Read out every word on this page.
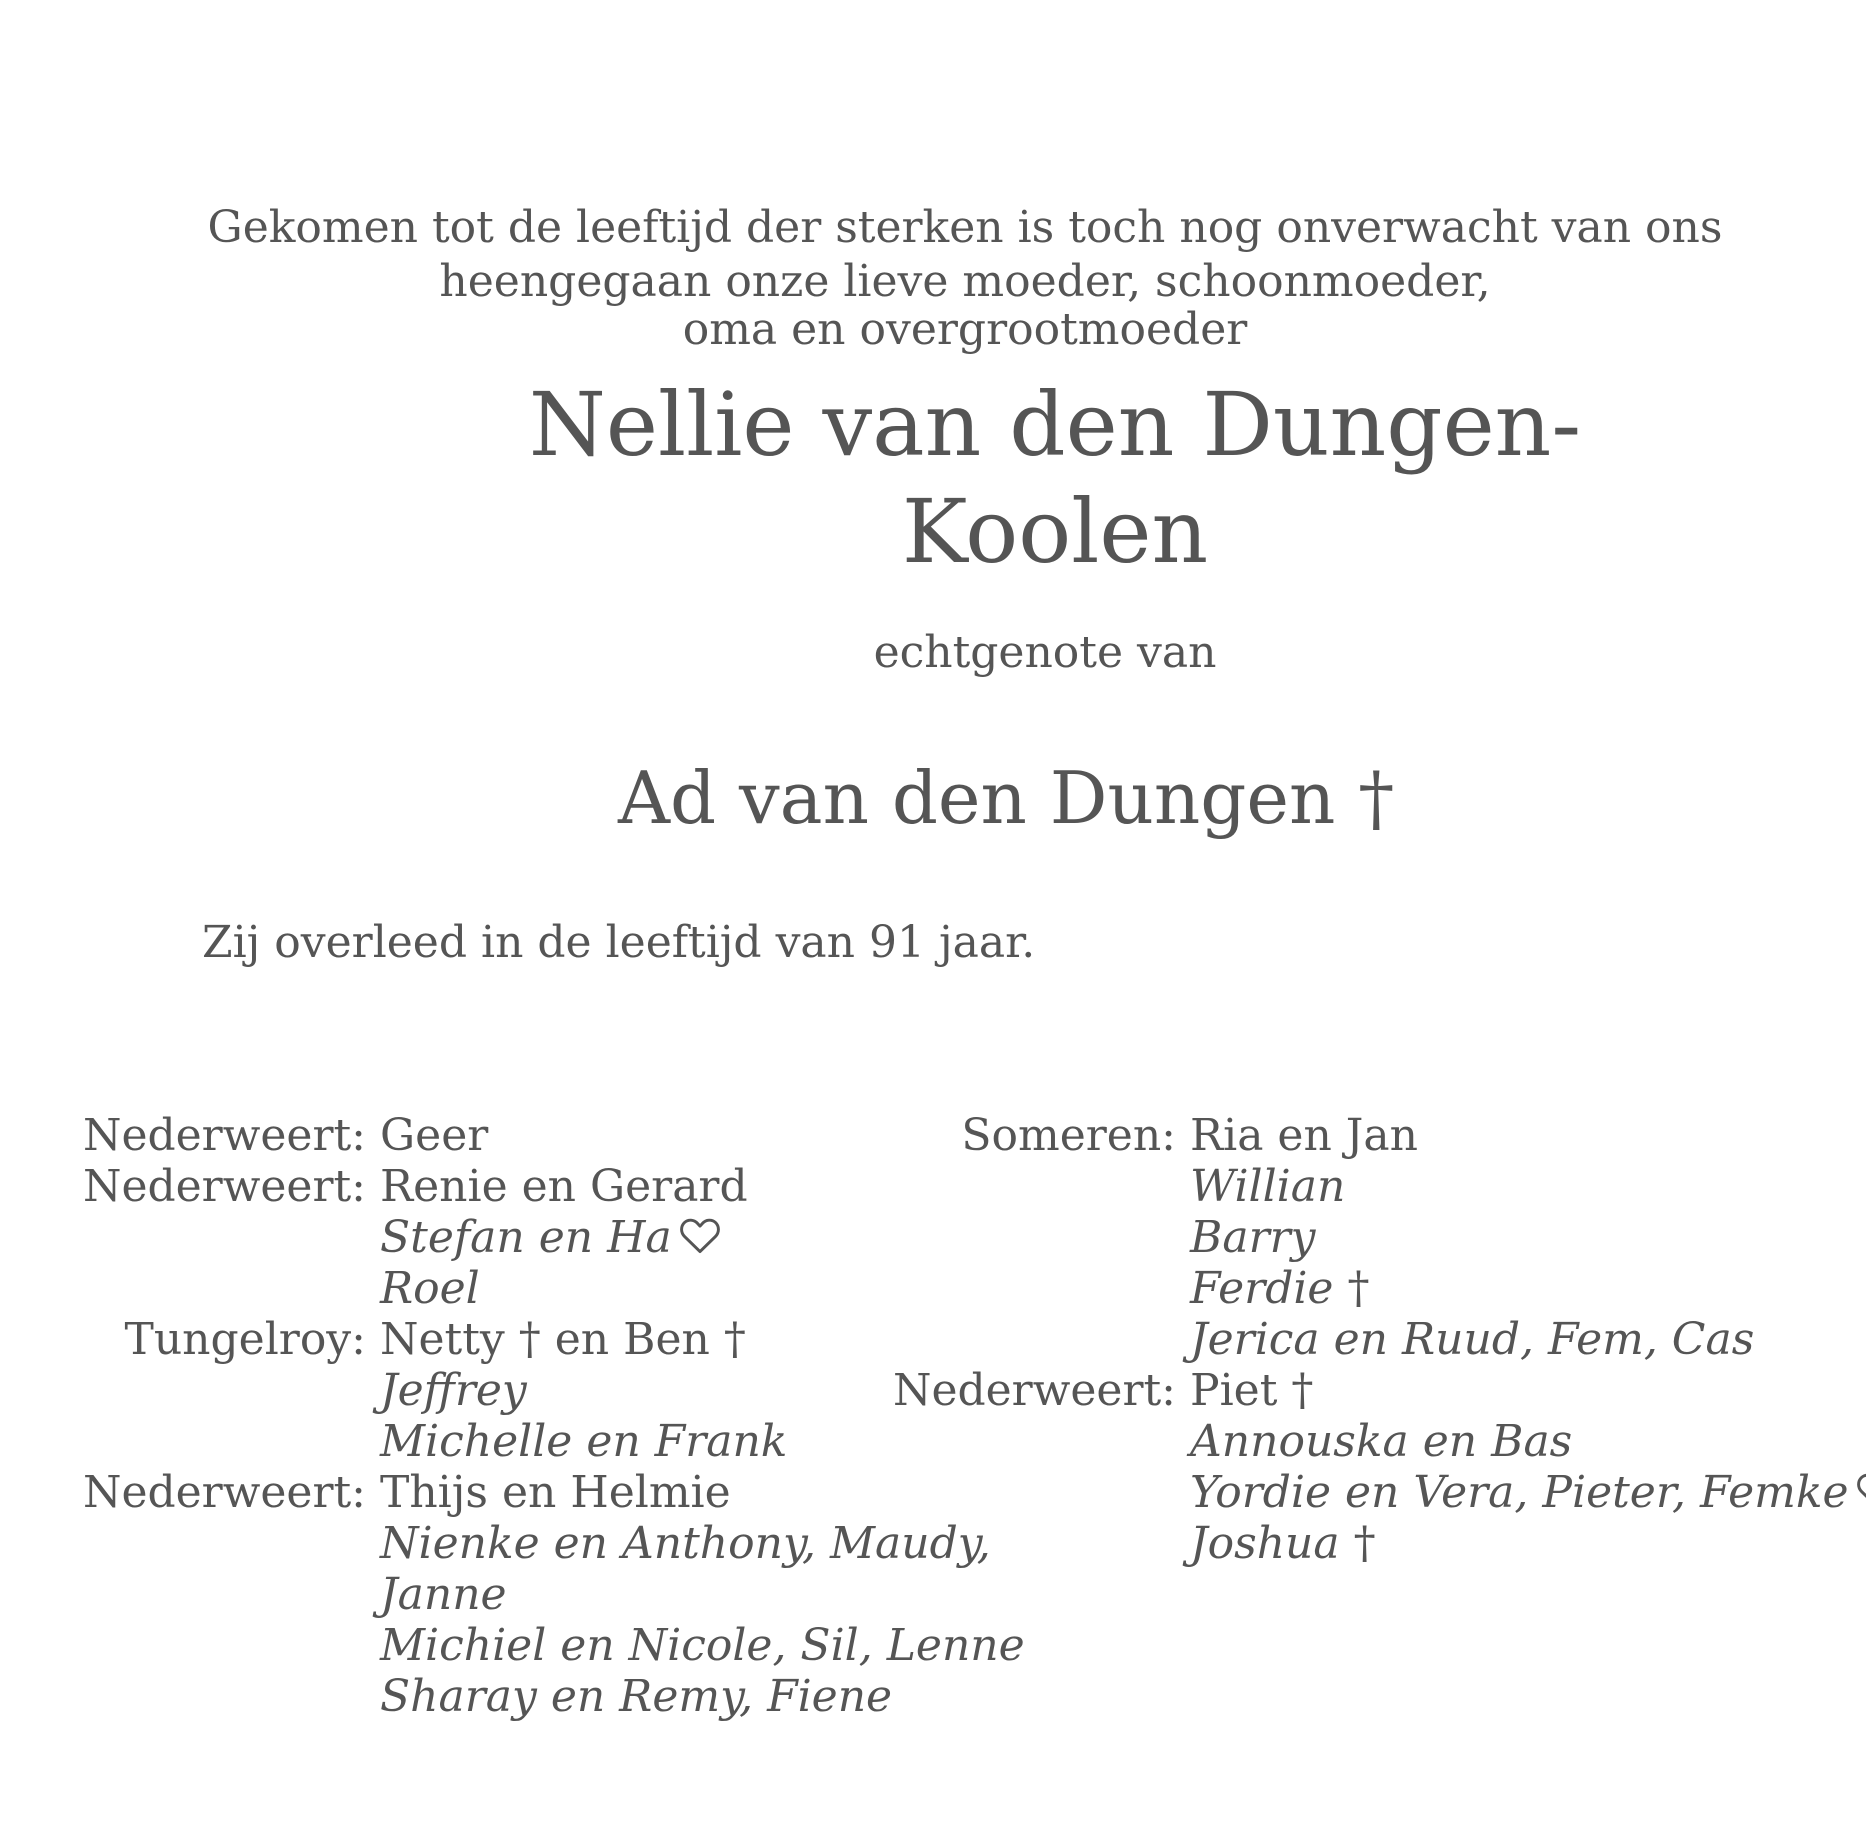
Gekomen tot de leeftijd der sterken is toch nog onverwacht van ons
heengegaan onze lieve moeder, schoonmoeder,
oma en overgrootmoeder
Nellie van den Dungen-
Koolen
echtgenote van
Ad van den Dungen †
Zij overleed in de leeftijd van 91 jaar.
Nederweert: Geer
Nederweert: Renie en Gerard
Stefan en Ha
Roel
Tungelroy: Netty † en Ben †
Jeffrey
Michelle en Frank
Nederweert: Thijs en Helmie
Nienke en Anthony, Maudy,
Janne
Michiel en Nicole, Sil, Lenne
Sharay en Remy, Fiene
Someren: Ria en Jan
Willian
Barry
Ferdie †
Jerica en Ruud, Fem, Cas
Nederweert: Piet †
Annouska en Bas
Yordie en Vera, Pieter, Femke
Joshua †
